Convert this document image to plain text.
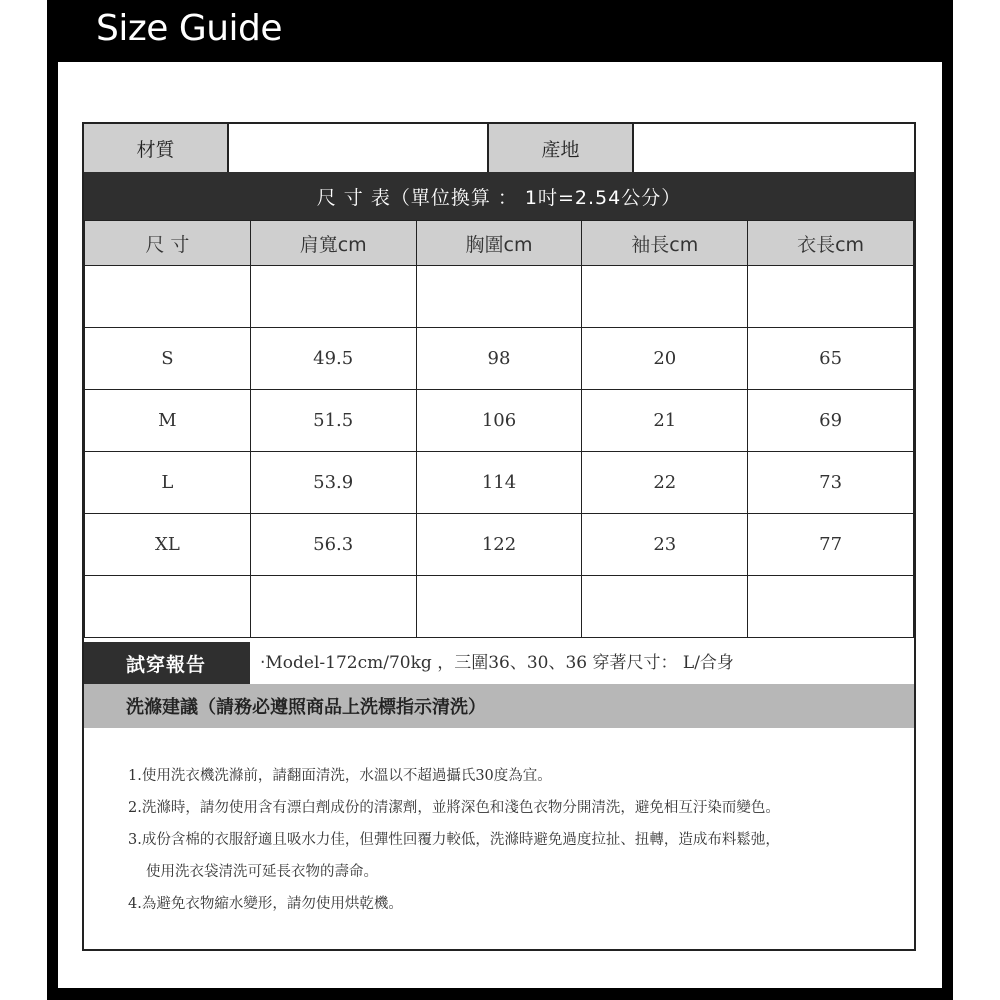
Size Guide
材質	產地
尺 寸 表（單位換算 ： 1吋=2.54公分）
尺 寸	肩寬cm	胸圍cm	袖長cm	衣長cm

S	49.5	98	20	65
M	51.5	106	21	69
L	53.9	114	22	73
XL	56.3	122	23	77

試穿報告	‧Model-172cm/70kg ，三圍36、30、36 穿著尺寸： L/合身
洗滌建議（請務必遵照商品上洗標指示清洗）
1.使用洗衣機洗滌前，請翻面清洗，水溫以不超過攝氏30度為宜。
2.洗滌時，請勿使用含有漂白劑成份的清潔劑，並將深色和淺色衣物分開清洗，避免相互汙染而變色。
3.成份含棉的衣服舒適且吸水力佳，但彈性回覆力較低，洗滌時避免過度拉扯、扭轉，造成布料鬆弛，
使用洗衣袋清洗可延長衣物的壽命。
4.為避免衣物縮水變形，請勿使用烘乾機。
